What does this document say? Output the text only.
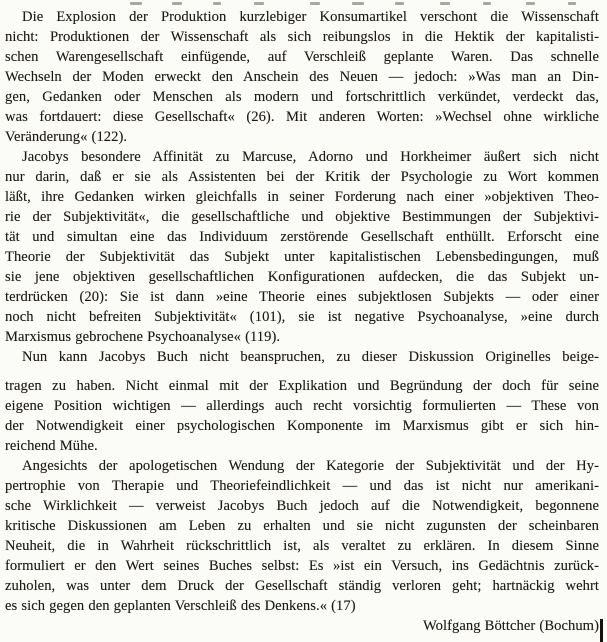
Die Explosion der Produktion kurzlebiger Konsumartikel verschont die Wissenschaft
nicht: Produktionen der Wissenschaft als sich reibungslos in die Hektik der kapitalisti-
schen Warengesellschaft einfügende, auf Verschleiß geplante Waren. Das schnelle
Wechseln der Moden erweckt den Anschein des Neuen — jedoch: »Was man an Din-
gen, Gedanken oder Menschen als modern und fortschrittlich verkündet, verdeckt das,
was fortdauert: diese Gesellschaft« (26). Mit anderen Worten: »Wechsel ohne wirkliche
Veränderung« (122).
Jacobys besondere Affinität zu Marcuse, Adorno und Horkheimer äußert sich nicht
nur darin, daß er sie als Assistenten bei der Kritik der Psychologie zu Wort kommen
läßt, ihre Gedanken wirken gleichfalls in seiner Forderung nach einer »objektiven Theo-
rie der Subjektivität«, die gesellschaftliche und objektive Bestimmungen der Subjektivi-
tät und simultan eine das Individuum zerstörende Gesellschaft enthüllt. Erforscht eine
Theorie der Subjektivität das Subjekt unter kapitalistischen Lebensbedingungen, muß
sie jene objektiven gesellschaftlichen Konfigurationen aufdecken, die das Subjekt un-
terdrücken (20): Sie ist dann »eine Theorie eines subjektlosen Subjekts — oder einer
noch nicht befreiten Subjektivität« (101), sie ist negative Psychoanalyse, »eine durch
Marxismus gebrochene Psychoanalyse« (119).
Nun kann Jacobys Buch nicht beanspruchen, zu dieser Diskussion Originelles beige-
tragen zu haben. Nicht einmal mit der Explikation und Begründung der doch für seine
eigene Position wichtigen — allerdings auch recht vorsichtig formulierten — These von
der Notwendigkeit einer psychologischen Komponente im Marxismus gibt er sich hin-
reichend Mühe.
Angesichts der apologetischen Wendung der Kategorie der Subjektivität und der Hy-
pertrophie von Therapie und Theoriefeindlichkeit — und das ist nicht nur amerikani-
sche Wirklichkeit — verweist Jacobys Buch jedoch auf die Notwendigkeit, begonnene
kritische Diskussionen am Leben zu erhalten und sie nicht zugunsten der scheinbaren
Neuheit, die in Wahrheit rückschrittlich ist, als veraltet zu erklären. In diesem Sinne
formuliert er den Wert seines Buches selbst: Es »ist ein Versuch, ins Gedächtnis zurück-
zuholen, was unter dem Druck der Gesellschaft ständig verloren geht; hartnäckig wehrt
es sich gegen den geplanten Verschleiß des Denkens.« (17)
Wolfgang Böttcher (Bochum)
